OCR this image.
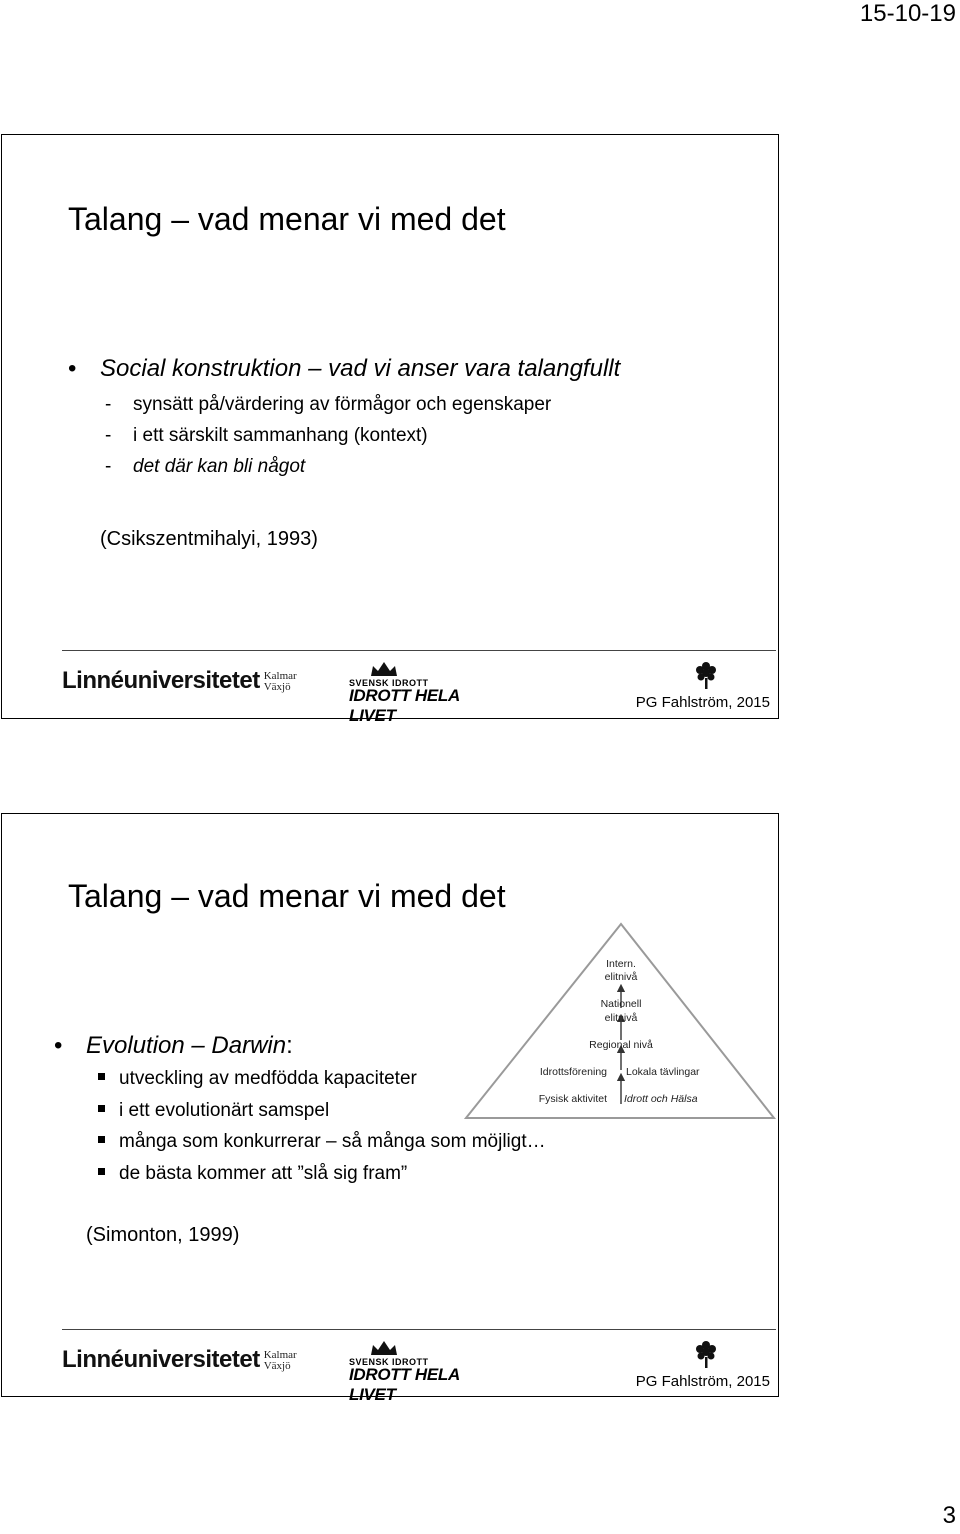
15-10-19
Talang – vad menar vi med det
• Social konstruktion – vad vi anser vara talangfullt
- synsätt på/värdering av förmågor och egenskaper
- i ett särskilt sammanhang (kontext)
- det där kan bli något
(Csikszentmihalyi, 1993)
Linnéuniversitetet Kalmar
Växjö	SVENSK IDROTT
IDROTT HELA LIVET
PG Fahlström, 2015
Talang – vad menar vi med det
• Evolution – Darwin:
utveckling av medfödda kapaciteter
i ett evolutionärt samspel
många som konkurrerar – så många som möjligt…
de bästa kommer att ”slå sig fram”
(Simonton, 1999)
Intern.
elitnivå
Nationell
elitnivå
Regional nivå
Idrottsförening Lokala tävlingar
Fysisk aktivitet Idrott och Hälsa
Linnéuniversitetet Kalmar
Växjö	SVENSK IDROTT
IDROTT HELA LIVET
PG Fahlström, 2015
3
